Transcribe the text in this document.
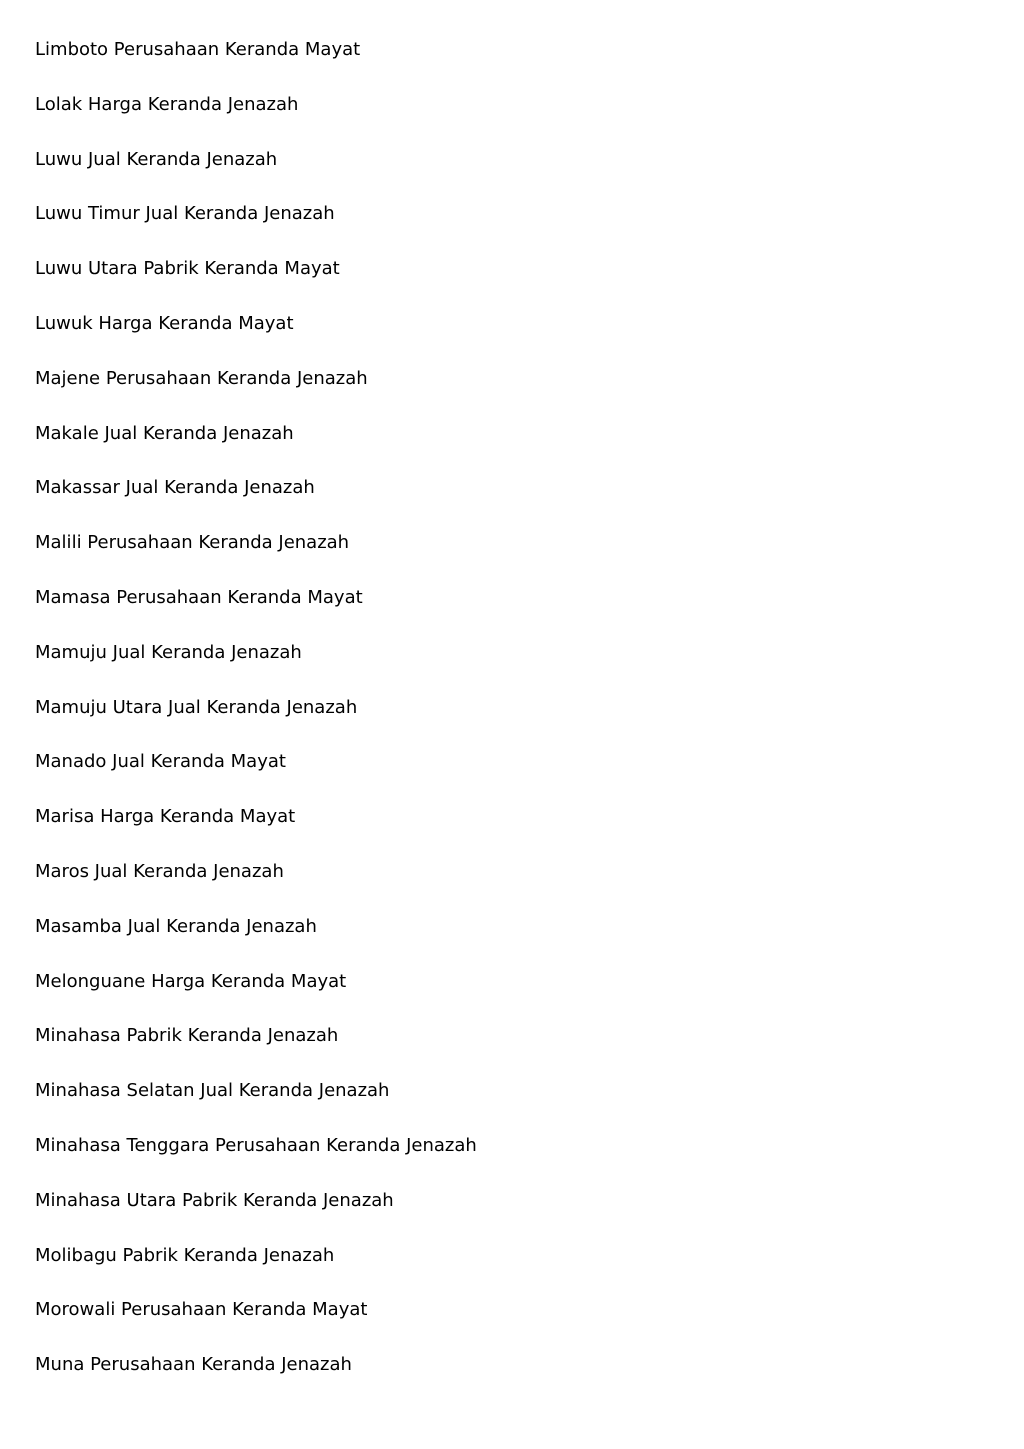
Limboto Perusahaan Keranda Mayat
Lolak Harga Keranda Jenazah
Luwu Jual Keranda Jenazah
Luwu Timur Jual Keranda Jenazah
Luwu Utara Pabrik Keranda Mayat
Luwuk Harga Keranda Mayat
Majene Perusahaan Keranda Jenazah
Makale Jual Keranda Jenazah
Makassar Jual Keranda Jenazah
Malili Perusahaan Keranda Jenazah
Mamasa Perusahaan Keranda Mayat
Mamuju Jual Keranda Jenazah
Mamuju Utara Jual Keranda Jenazah
Manado Jual Keranda Mayat
Marisa Harga Keranda Mayat
Maros Jual Keranda Jenazah
Masamba Jual Keranda Jenazah
Melonguane Harga Keranda Mayat
Minahasa Pabrik Keranda Jenazah
Minahasa Selatan Jual Keranda Jenazah
Minahasa Tenggara Perusahaan Keranda Jenazah
Minahasa Utara Pabrik Keranda Jenazah
Molibagu Pabrik Keranda Jenazah
Morowali Perusahaan Keranda Mayat
Muna Perusahaan Keranda Jenazah
